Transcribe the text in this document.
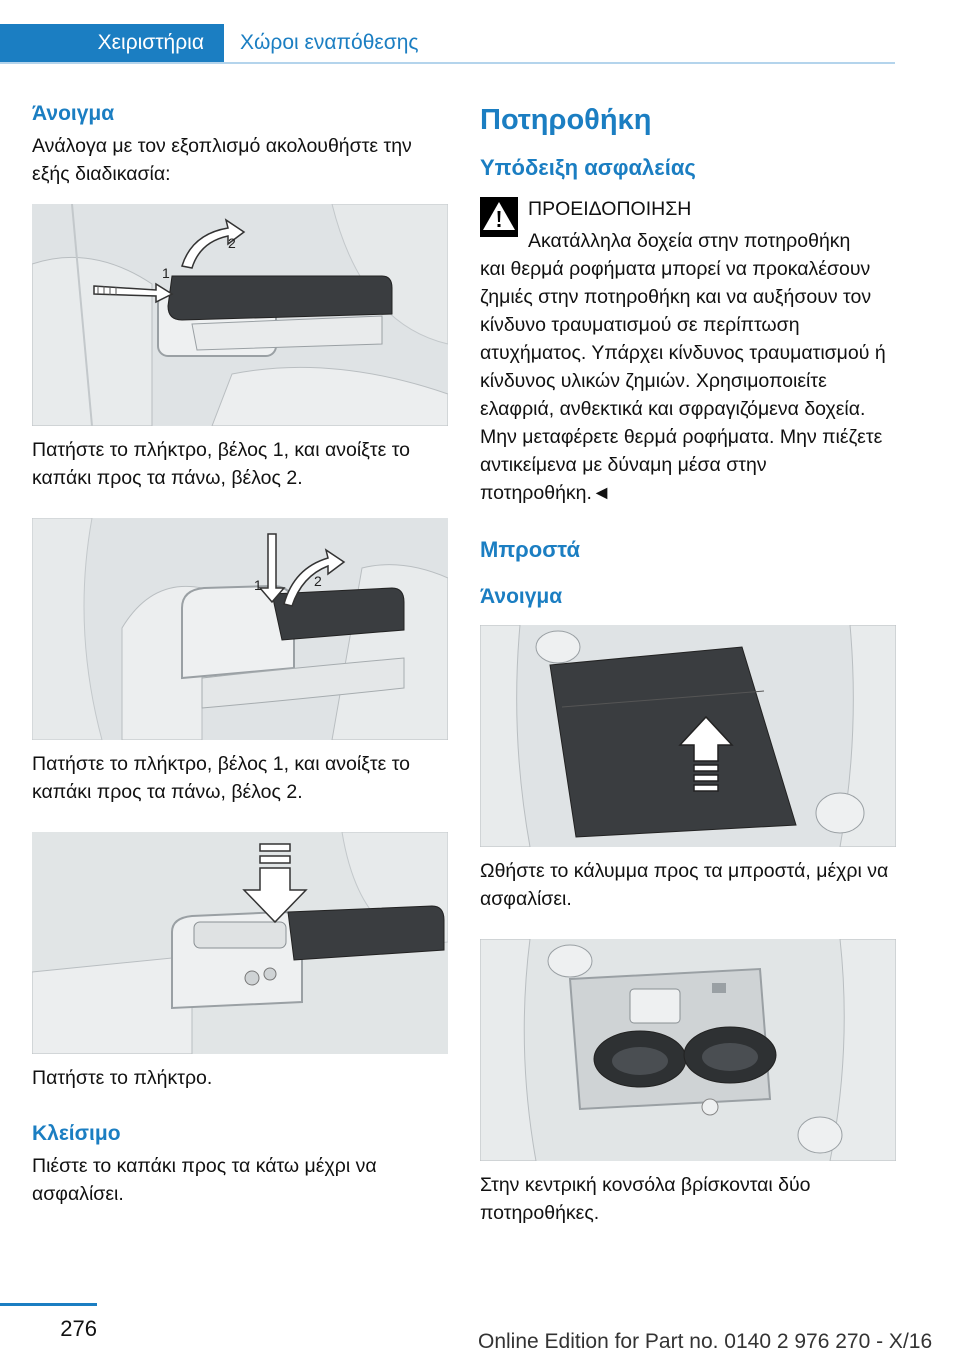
Χειριστήρια Χώροι εναπόθεσης
Άνοιγμα

Ανάλογα με τον εξοπλισμό ακολουθήστε την εξής διαδικασία:

1
2

Πατήστε το πλήκτρο, βέλος 1, και ανοίξτε το καπάκι προς τα πάνω, βέλος 2.

1	2

Πατήστε το πλήκτρο, βέλος 1, και ανοίξτε το καπάκι προς τα πάνω, βέλος 2.

Πατήστε το πλήκτρο.

Κλείσιμο

Πιέστε το καπάκι προς τα κάτω μέχρι να ασφαλίσει.

Ποτηροθήκη
Υπόδειξη ασφαλείας

ΠΡΟΕΙΔΟΠΟΙΗΣΗ

Ακατάλληλα δοχεία στην ποτηροθήκη

και θερμά ροφήματα μπορεί να προκαλέσουν ζημιές στην ποτηροθήκη και να αυξήσουν τον κίνδυνο τραυματισμού σε περίπτωση ατυχήματος. Υπάρχει κίνδυνος τραυματισμού ή κίνδυνος υλικών ζημιών. Χρησιμοποιείτε ελαφριά, ανθεκτικά και σφραγιζόμενα δοχεία. Μην μεταφέρετε θερμά ροφήματα. Μην πιέζετε αντικείμενα με δύναμη μέσα στην ποτηροθήκη.◄

Μπροστά
Άνοιγμα

Ωθήστε το κάλυμμα προς τα μπροστά, μέχρι να ασφαλίσει.

Στην κεντρική κονσόλα βρίσκονται δύο ποτηροθήκες.

276
Online Edition for Part no. 0140 2 976 270 - X/16
